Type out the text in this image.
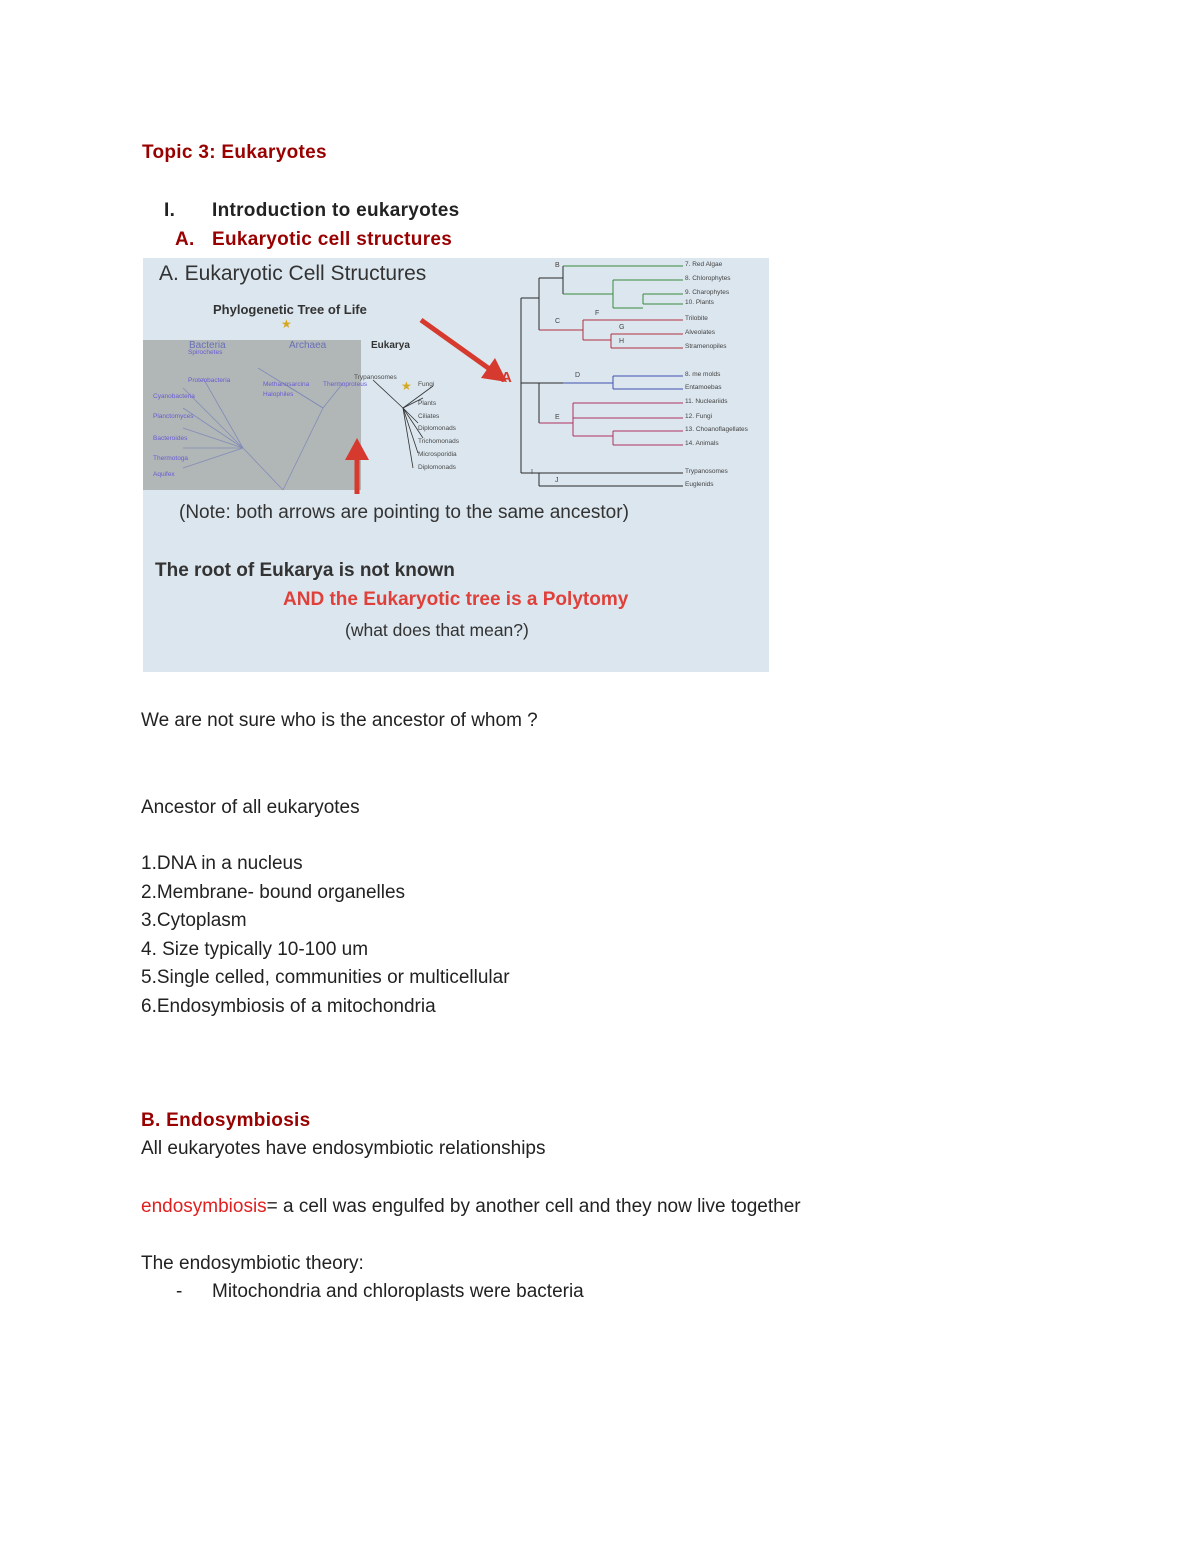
Topic 3: Eukaryotes
I. Introduction to eukaryotes
A. Eukaryotic cell structures
Trypanosomes
Fungi
Plants
Ciliates
Diplomonads
Trichomonads
Microsporidia
Diplomonads
Spirochetes
Proteobacteria
Cyanobacteria
Planctomyces
Bacteroides
Thermotoga
Aquifex
Methanosarcina
Halophiles
Thermoproteus
★
★
A. Eukaryotic Cell Structures
Phylogenetic Tree of Life
Bacteria	Archaea	Eukarya
A
B
C
D
E
F
G
H
I
J
7. Red Algae
8. Chlorophytes
9. Charophytes
10. Plants
Trilobite
Alveolates
Stramenopiles
8. me molds
Entamoebas
11. Nucleariids
12. Fungi
13. Choanoflagellates
14. Animals
Trypanosomes
Euglenids
(Note: both arrows are pointing to the same ancestor)
The root of Eukarya is not known
AND the Eukaryotic tree is a Polytomy
(what does that mean?)
We are not sure who is the ancestor of whom ?
Ancestor of all eukaryotes
1.DNA in a nucleus
2.Membrane- bound organelles
3.Cytoplasm
4. Size typically 10-100 um
5.Single celled, communities or multicellular
6.Endosymbiosis of a mitochondria
B. Endosymbiosis
All eukaryotes have endosymbiotic relationships
endosymbiosis= a cell was engulfed by another cell and they now live together
The endosymbiotic theory:
- Mitochondria and chloroplasts were bacteria
